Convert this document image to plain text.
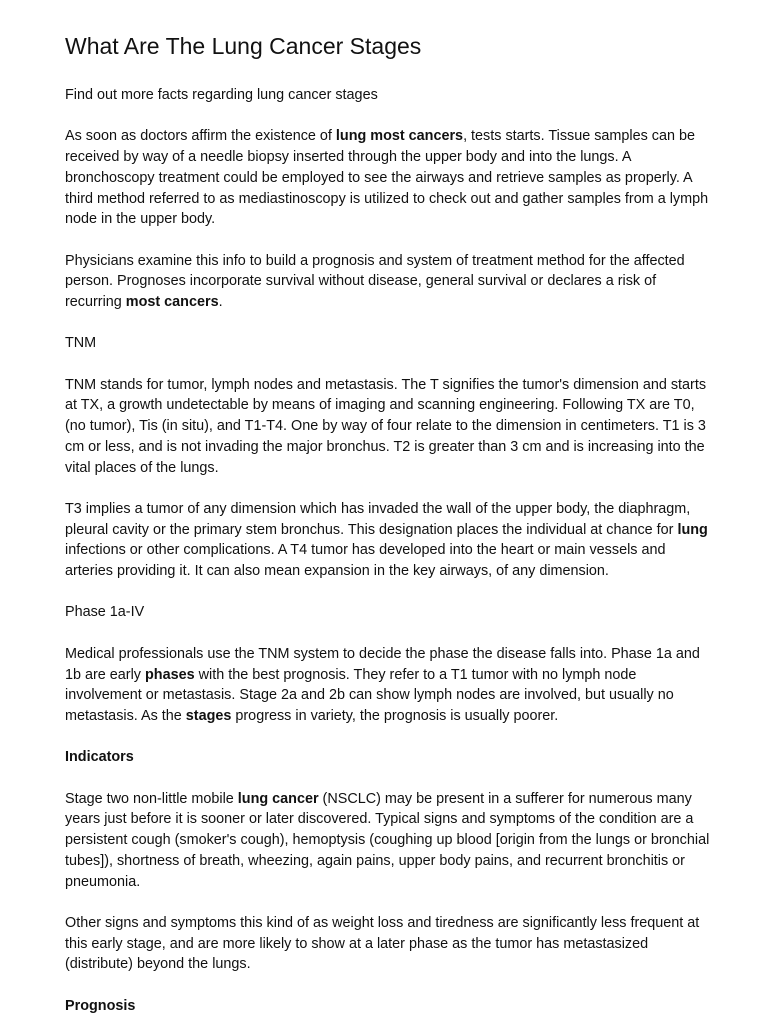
What Are The Lung Cancer Stages
Find out more facts regarding lung cancer stages

As soon as doctors affirm the existence of lung most cancers, tests starts. Tissue samples can be received by way of a needle biopsy inserted through the upper body and into the lungs. A bronchoscopy treatment could be employed to see the airways and retrieve samples as properly. A third method referred to as mediastinoscopy is utilized to check out and gather samples from a lymph node in the upper body.

Physicians examine this info to build a prognosis and system of treatment method for the affected person. Prognoses incorporate survival without disease, general survival or declares a risk of recurring most cancers.

TNM

TNM stands for tumor, lymph nodes and metastasis. The T signifies the tumor's dimension and starts at TX, a growth undetectable by means of imaging and scanning engineering. Following TX are T0, (no tumor), Tis (in situ), and T1-T4. One by way of four relate to the dimension in centimeters. T1 is 3 cm or less, and is not invading the major bronchus. T2 is greater than 3 cm and is increasing into the vital places of the lungs.

T3 implies a tumor of any dimension which has invaded the wall of the upper body, the diaphragm, pleural cavity or the primary stem bronchus. This designation places the individual at chance for lung infections or other complications. A T4 tumor has developed into the heart or main vessels and arteries providing it. It can also mean expansion in the key airways, of any dimension.

Phase 1a-IV

Medical professionals use the TNM system to decide the phase the disease falls into. Phase 1a and 1b are early phases with the best prognosis. They refer to a T1 tumor with no lymph node involvement or metastasis. Stage 2a and 2b can show lymph nodes are involved, but usually no metastasis. As the stages progress in variety, the prognosis is usually poorer.

Indicators

Stage two non-little mobile lung cancer (NSCLC) may be present in a sufferer for numerous many years just before it is sooner or later discovered. Typical signs and symptoms of the condition are a persistent cough (smoker's cough), hemoptysis (coughing up blood [origin from the lungs or bronchial tubes]), shortness of breath, wheezing, again pains, upper body pains, and recurrent bronchitis or pneumonia.

Other signs and symptoms this kind of as weight loss and tiredness are significantly less frequent at this early stage, and are more likely to show at a later phase as the tumor has metastasized (distribute) beyond the lungs.

Prognosis
